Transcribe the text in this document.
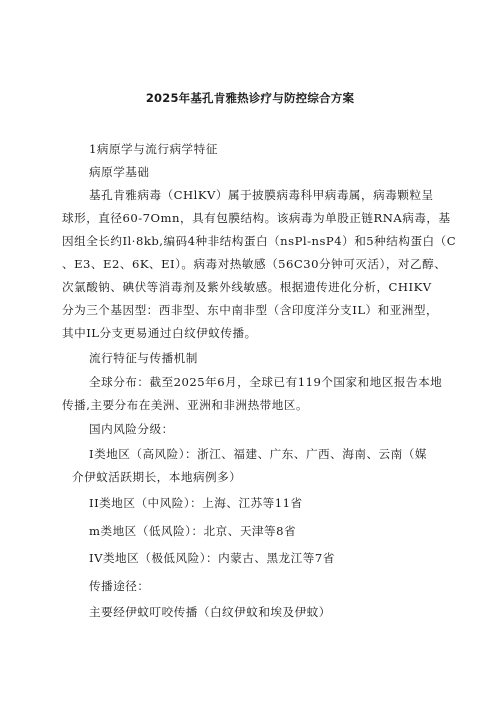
2025年基孔肯雅热诊疗与防控综合方案
1病原学与流行病学特征
病原学基础
基孔肯雅病毒（CHlKV）属于披膜病毒科甲病毒属，病毒颗粒呈
球形，直径60-7Omn，具有包膜结构。该病毒为单股正链RNA病毒，基
因组全长约Il·8kb,编码4种非结构蛋白（nsPl-nsP4）和5种结构蛋白（C
、E3、E2、6K、EI）。病毒对热敏感（56C30分钟可灭活），对乙醇、
次氯酸钠、碘伏等消毒剂及紫外线敏感。根据遗传进化分析，CHIKV
分为三个基因型：西非型、东中南非型（含印度洋分支IL）和亚洲型，
其中IL分支更易通过白纹伊蚊传播。
流行特征与传播机制
全球分布：截至2025年6月，全球已有119个国家和地区报告本地
传播,主要分布在美洲、亚洲和非洲热带地区。
国内风险分级：
I类地区（高风险）：浙江、福建、广东、广西、海南、云南（媒
介伊蚊活跃期长，本地病例多）
II类地区（中风险）：上海、江苏等11省
m类地区（低风险）：北京、天津等8省
IV类地区（极低风险）：内蒙古、黑龙江等7省
传播途径：
主要经伊蚊叮咬传播（白纹伊蚊和埃及伊蚊）
